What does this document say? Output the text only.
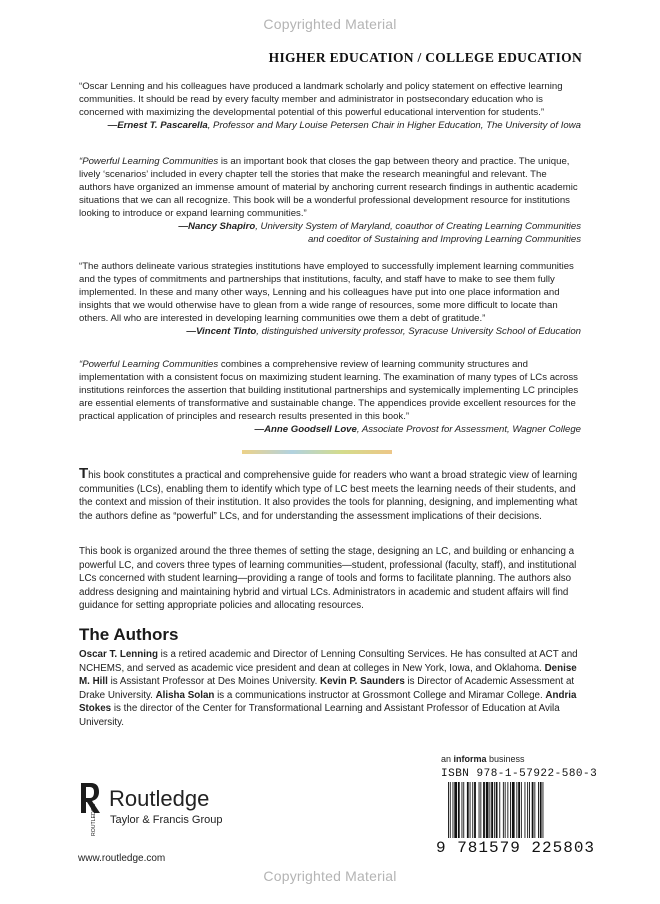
Copyrighted Material
HIGHER EDUCATION / COLLEGE EDUCATION
“Oscar Lenning and his colleagues have produced a landmark scholarly and policy statement on effective learning communities. It should be read by every faculty member and administrator in postsecondary education who is concerned with maximizing the developmental potential of this powerful educational intervention for students.”
—Ernest T. Pascarella, Professor and Mary Louise Petersen Chair in Higher Education, The University of Iowa
“Powerful Learning Communities is an important book that closes the gap between theory and practice. The unique, lively ‘scenarios’ included in every chapter tell the stories that make the research meaningful and relevant. The authors have organized an immense amount of material by anchoring current research findings in authentic academic situations that we can all recognize. This book will be a wonderful professional development resource for institutions looking to introduce or expand learning communities.”
—Nancy Shapiro, University System of Maryland, coauthor of Creating Learning Communities
and coeditor of Sustaining and Improving Learning Communities
“The authors delineate various strategies institutions have employed to successfully implement learning communities and the types of commitments and partnerships that institutions, faculty, and staff have to make to see them fully implemented. In these and many other ways, Lenning and his colleagues have put into one place information and insights that we would otherwise have to glean from a wide range of resources, some more difficult to locate than others. All who are interested in developing learning communities owe them a debt of gratitude.”
—Vincent Tinto, distinguished university professor, Syracuse University School of Education
“Powerful Learning Communities combines a comprehensive review of learning community structures and implementation with a consistent focus on maximizing student learning. The examination of many types of LCs across institutions reinforces the assertion that building institutional partnerships and systemically implementing LC principles are essential elements of transformative and sustainable change. The appendices provide excellent resources for the practical application of principles and research results presented in this book.”
—Anne Goodsell Love, Associate Provost for Assessment, Wagner College
This book constitutes a practical and comprehensive guide for readers who want a broad strategic view of learning communities (LCs), enabling them to identify which type of LC best meets the learning needs of their students, and the context and mission of their institution. It also provides the tools for planning, designing, and implementing what the authors define as “powerful” LCs, and for understanding the assessment implications of their decisions.
This book is organized around the three themes of setting the stage, designing an LC, and building or enhancing a powerful LC, and covers three types of learning communities—student, professional (faculty, staff), and institutional LCs concerned with student learning—providing a range of tools and forms to facilitate planning. The authors also address designing and maintaining hybrid and virtual LCs. Administrators in academic and student affairs will find guidance for setting appropriate policies and allocating resources.
The Authors
Oscar T. Lenning is a retired academic and Director of Lenning Consulting Services. He has consulted at ACT and NCHEMS, and served as academic vice president and dean at colleges in New York, Iowa, and Oklahoma. Denise M. Hill is Assistant Professor at Des Moines University. Kevin P. Saunders is Director of Academic Assessment at Drake University. Alisha Solan is a communications instructor at Grossmont College and Miramar College. Andria Stokes is the director of the Center for Transformational Learning and Assistant Professor of Education at Avila University.
ROUTLEDGE
Routledge
Taylor & Francis Group
www.routledge.com
an informa business
ISBN 978-1-57922-580-3
9 781579 225803
Copyrighted Material
